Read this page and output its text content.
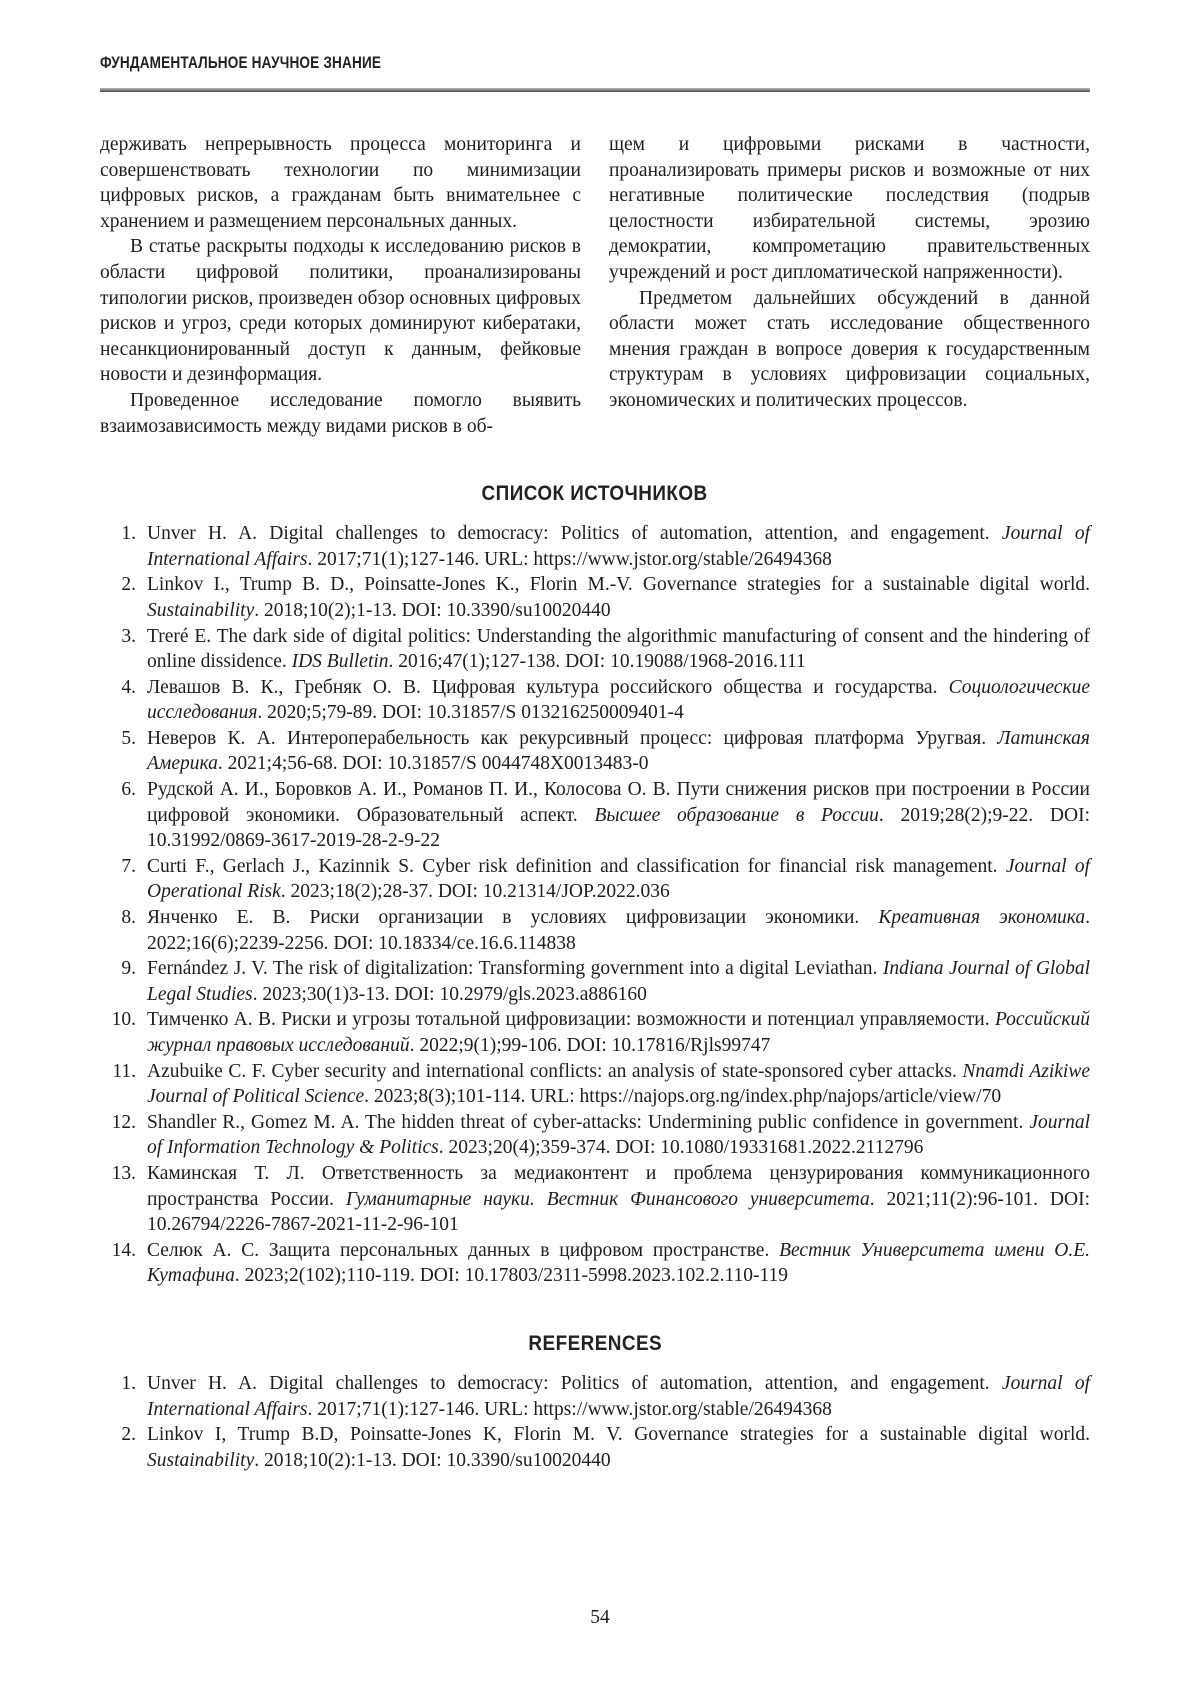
ФУНДАМЕНТАЛЬНОЕ НАУЧНОЕ ЗНАНИЕ

держивать непрерывность процесса мониторинга и совершенствовать технологии по минимизации цифровых рисков, а гражданам быть внимательнее с хранением и размещением персональных данных.

В статье раскрыты подходы к исследованию рисков в области цифровой политики, проанализированы типологии рисков, произведен обзор основных цифровых рисков и угроз, среди которых доминируют кибератаки, несанкционированный доступ к данным, фейковые новости и дезинформация.

Проведенное исследование помогло выявить взаимозависимость между видами рисков в об-

щем и цифровыми рисками в частности, проанализировать примеры рисков и возможные от них негативные политические последствия (подрыв целостности избирательной системы, эрозию демократии, компрометацию правительственных учреждений и рост дипломатической напряженности).

Предметом дальнейших обсуждений в данной области может стать исследование общественного мнения граждан в вопросе доверия к государственным структурам в условиях цифровизации социальных, экономических и политических процессов.

СПИСОК ИСТОЧНИКОВ
1. Unver H. A. Digital challenges to democracy: Politics of automation, attention, and engagement. Journal of International Affairs. 2017;71(1);127-146. URL: https://www.jstor.org/stable/26494368
2. Linkov I., Trump B. D., Poinsatte-Jones K., Florin M.-V. Governance strategies for a sustainable digital world. Sustainability. 2018;10(2);1-13. DOI: 10.3390/su10020440
3. Treré E. The dark side of digital politics: Understanding the algorithmic manufacturing of consent and the hindering of online dissidence. IDS Bulletin. 2016;47(1);127-138. DOI: 10.19088/1968-2016.111
4. Левашов В. К., Гребняк О. В. Цифровая культура российского общества и государства. Социологические исследования. 2020;5;79-89. DOI: 10.31857/S 013216250009401-4
5. Неверов К. А. Интероперабельность как рекурсивный процесс: цифровая платформа Уругвая. Латинская Америка. 2021;4;56-68. DOI: 10.31857/S 0044748X0013483-0
6. Рудской А. И., Боровков А. И., Романов П. И., Колосова О. В. Пути снижения рисков при построении в России цифровой экономики. Образовательный аспект. Высшее образование в России. 2019;28(2);9-22. DOI: 10.31992/0869-3617-2019-28-2-9-22
7. Curti F., Gerlach J., Kazinnik S. Cyber risk definition and classification for financial risk management. Journal of Operational Risk. 2023;18(2);28-37. DOI: 10.21314/JOP.2022.036
8. Янченко Е. В. Риски организации в условиях цифровизации экономики. Креативная экономика. 2022;16(6);2239-2256. DOI: 10.18334/ce.16.6.114838
9. Fernández J. V. The risk of digitalization: Transforming government into a digital Leviathan. Indiana Journal of Global Legal Studies. 2023;30(1)3-13. DOI: 10.2979/gls.2023.a886160
10. Тимченко А. В. Риски и угрозы тотальной цифровизации: возможности и потенциал управляемости. Российский журнал правовых исследований. 2022;9(1);99-106. DOI: 10.17816/Rjls99747
11. Azubuike C. F. Cyber security and international conflicts: an analysis of state-sponsored cyber attacks. Nnamdi Azikiwe Journal of Political Science. 2023;8(3);101-114. URL: https://najops.org.ng/index.php/najops/article/view/70
12. Shandler R., Gomez M. A. The hidden threat of cyber-attacks: Undermining public confidence in government. Journal of Information Technology & Politics. 2023;20(4);359-374. DOI: 10.1080/19331681.2022.2112796
13. Каминская Т. Л. Ответственность за медиаконтент и проблема цензурирования коммуникационного пространства России. Гуманитарные науки. Вестник Финансового университета. 2021;11(2):96-101. DOI: 10.26794/2226-7867-2021-11-2-96-101
14. Селюк А. С. Защита персональных данных в цифровом пространстве. Вестник Университета имени О.Е. Кутафина. 2023;2(102);110-119. DOI: 10.17803/2311-5998.2023.102.2.110-119
REFERENCES
1. Unver H. A. Digital challenges to democracy: Politics of automation, attention, and engagement. Journal of International Affairs. 2017;71(1):127-146. URL: https://www.jstor.org/stable/26494368
2. Linkov I, Trump B.D, Poinsatte-Jones K, Florin M. V. Governance strategies for a sustainable digital world. Sustainability. 2018;10(2):1-13. DOI: 10.3390/su10020440
54
